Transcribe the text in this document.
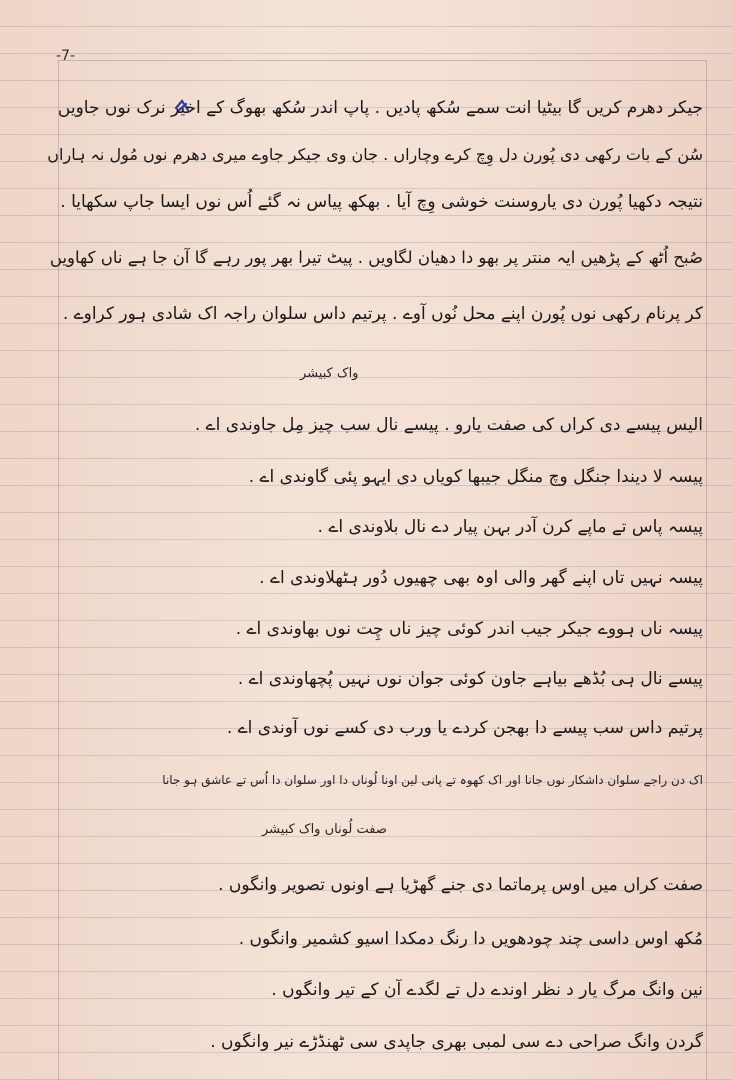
-7-
جیکر دھرم کریں گا بیٹیا انت سمے سُکھ پادیں . پاپ اندر سُکھ بھوگ کے اخیر نرک نوں جاویں
سُن کے بات رکھی دی پُورن دل وِچ کرے وچاراں . جان وی جیکر جاوے میری دھرم نوں مُول نہ ہاراں
نتیجہ دکھیا پُورن دی یاروسنت خوشی وِچ آیا . بھکھ پیاس نہ گئے اُس نوں ایسا جاپ سکھایا .
صُبح اُٹھ کے پڑھیں ایہ منتر پر بھو دا دھیان لگاویں . پیٹ تیرا بھر پور رہے گا آن جا ہے ناں کھاویں
کر پرنام رکھی نوں پُورن اپنے محل نُوں آوے . پرتیم داس سلوان راجہ اک شادی ہور کراوے .
واک کبیشر
الیس پیسے دی کراں کی صفت یارو . پیسے نال سب چیز مِل جاوندی اے .
پیسہ لا دیندا جنگل وچ منگل جیبھا کویاں دی ایہو پئی گاوندی اے .
پیسہ پاس تے ماپے کرن آدر بہن پیار دے نال بلاوندی اے .
پیسہ نہیں تاں اپنے گھر والی اوہ بھی چھیوں دُور ہٹھلاوندی اے .
پیسہ ناں ہووے جیکر جیب اندر کوئی چیز ناں چِت نوں بھاوندی اے .
پیسے نال ہی بُڈھے بیاہے جاون کوئی جوان نوں نہیں پُچھاوندی اے .
پرتیم داس سب پیسے دا بھجن کردے یا ورب دی کسے نوں آوندی اے .
اک دن راجے سلوان داشکار نوں جانا اور اک کھوہ تے پانی لین اونا لُوناں دا اور سلوان دا اُس تے عاشق ہو جانا
صفت لُوناں واک کبیشر
صفت کراں میں اوس پرماتما دی جنے گھڑیا ہے اونوں تصویر وانگوں .
مُکھ اوس داسی چند چودھویں دا رنگ دمکدا اسیو کشمیر وانگوں .
نین وانگ مرگ یار د نظر اوندے دل تے لگدے آن کے تیر وانگوں .
گردن وانگ صراحی دے سی لمبی بھری جاپدی سی ٹھنڈڑے نیر وانگوں .
